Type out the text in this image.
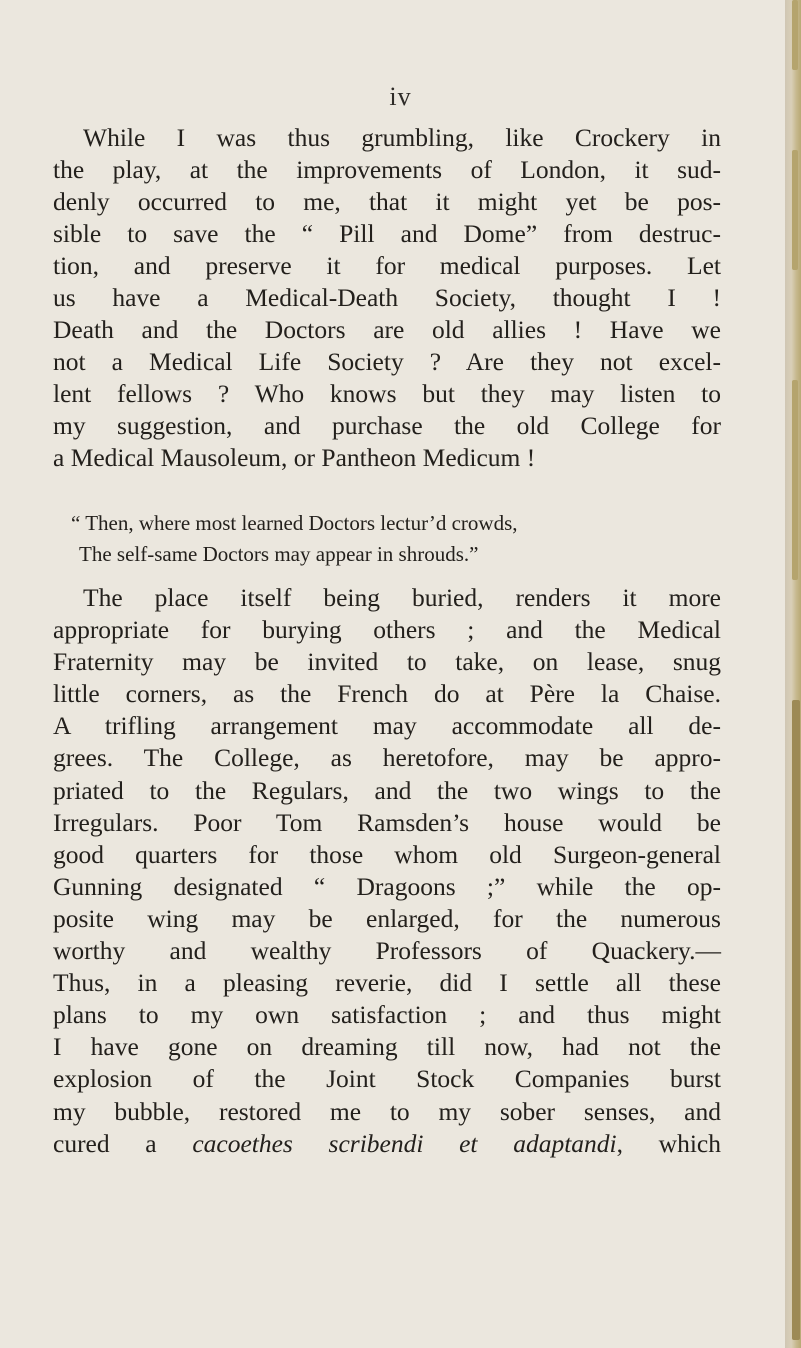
iv
While I was thus grumbling, like Crockery in
the play, at the improvements of London, it sud-
denly occurred to me, that it might yet be pos-
sible to save the “ Pill and Dome” from destruc-
tion, and preserve it for medical purposes. Let
us have a Medical-Death Society, thought I !
Death and the Doctors are old allies ! Have we
not a Medical Life Society ? Are they not excel-
lent fellows ? Who knows but they may listen to
my suggestion, and purchase the old College for
a Medical Mausoleum, or Pantheon Medicum !
“ Then, where most learned Doctors lectur’d crowds,
The self-same Doctors may appear in shrouds.”
The place itself being buried, renders it more
appropriate for burying others ; and the Medical
Fraternity may be invited to take, on lease, snug
little corners, as the French do at Père la Chaise.
A trifling arrangement may accommodate all de-
grees. The College, as heretofore, may be appro-
priated to the Regulars, and the two wings to the
Irregulars. Poor Tom Ramsden’s house would be
good quarters for those whom old Surgeon-general
Gunning designated “ Dragoons ;” while the op-
posite wing may be enlarged, for the numerous
worthy and wealthy Professors of Quackery.—
Thus, in a pleasing reverie, did I settle all these
plans to my own satisfaction ; and thus might
I have gone on dreaming till now, had not the
explosion of the Joint Stock Companies burst
my bubble, restored me to my sober senses, and
cured a cacoethes scribendi et adaptandi, which
